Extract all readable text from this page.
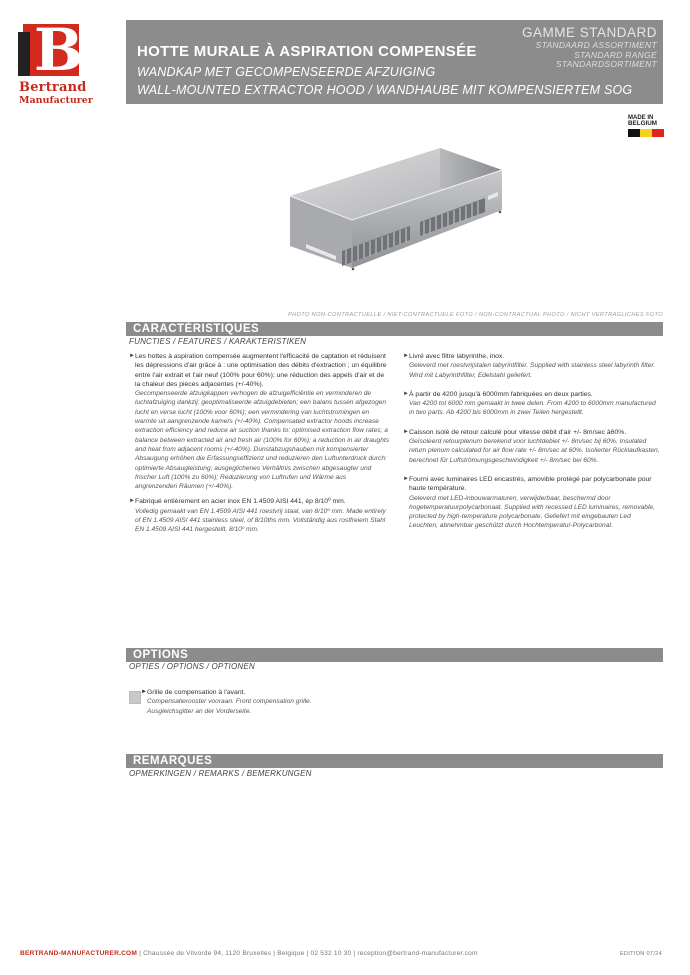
B
Bertrand
Manufacturer
HOTTE MURALE À ASPIRATION COMPENSÉE
WANDKAP MET GECOMPENSEERDE AFZUIGING
WALL-MOUNTED EXTRACTOR HOOD / WANDHAUBE MIT KOMPENSIERTEM SOG
GAMME STANDARD
STANDAARD ASSORTIMENT
STANDARD RANGE
STANDARDSORTIMENT
MADE IN
BELGIUM
PHOTO NON-CONTRACTUELLE / NIET-CONTRACTUELE FOTO / NON-CONTRACTUAL PHOTO / NICHT VERTRAGLICHES FOTO
CARACTÉRISTIQUES
FUNCTIES / FEATURES / KARAKTERISTIKEN
► Les hottes à aspiration compensée augmentent l'efficacité de captation et réduisent les dépressions d'air grâce à : une optimisation des débits d'extraction ; un équilibre entre l'air extrait et l'air neuf (100% pour 60%); une réduction des appels d'air et de la chaleur des pièces adjacentes (+/-40%).
Gecompenseerde afzuigkappen verhogen de afzuigefficiëntie en verminderen de luchtafzuiging dankzij: geoptimaliseerde afzuigdebieten; een balans tussen afgezogen lucht en verse lucht (100% voor 60%); een vermindering van luchtstromingen en warmte uit aangrenzende kamers (+/-40%). Compensated extractor hoods increase extraction efficiency and reduce air suction thanks to: optimised extraction flow rates; a balance between extracted air and fresh air (100% for 60%); a reduction in air draughts and heat from adjacent rooms (+/-40%). Dunstabzugshauben mit kompensierter Absaugung erhöhen die Erfassungseffizienz und reduzieren den Luftunterdruck durch: optimierte Absaugleistung; ausgeglichenes Verhältnis zwischen abgesaugter und frischer Luft (100% zu 60%); Reduzierung von Luftrufen und Wärme aus angrenzenden Räumen (+/-40%).
► Fabriqué entièrement en acier inox EN 1.4509 AISI 441, ép 8/10º mm.
Volledig gemaakt van EN 1.4509 AISI 441 roestvrij staal, van 8/10º mm. Made entirely of EN 1.4509 AISI 441 stainless steel, of 8/10ths mm. Vollständig aus rostfreiem Stahl EN 1.4509 AISI 441 hergestellt, 8/10º mm.
► Livré avec filtre labyrinthe, inox.
Geleverd met roestvrijstalen labyrintfilter. Supplied with stainless steel labyrinth filter. Wird mit Labyrinthfilter, Edelstahl geliefert.
► À partir de 4200 jusqu'à 6000mm fabriquées en deux parties.
Van 4200 tot 6000 mm gemaakt in twee delen. From 4200 to 6000mm manufactured in two parts. Ab 4200 bis 6000mm in zwei Teilen hergestellt.
► Caisson isolé de retour calculé pour vitesse débit d'air +/- 8m/sec à60%.
Geïsoleerd retourplenum berekend voor luchtdebiet +/- 8m/sec bij 60%. Insulated return plenum calculated for air flow rate +/- 8m/sec at 60%. Isolierter Rücklaufkasten, berechnet für Luftströmungsgeschwindigkeit +/- 8m/sec bei 60%.
► Fourni avec luminaires LED encastrés, amovible protégé par polycarbonate pour haute température.
Geleverd met LED-inbouwarmaturen, verwijderbaar, beschermd door hogetemperatuurpolycarbonaat. Supplied with recessed LED luminaires, removable, protected by high-temperature polycarbonate. Geliefert mit eingebauten Led Leuchten, abnehmbar geschützt durch Hochtemperatur-Polycarbonat.
OPTIONS
OPTIES / OPTIONS / OPTIONEN
► Grille de compensation à l'avant.
Compensatierooster vooraan. Front compensation grille. Ausgleichsgitter an der Vorderseite.
REMARQUES
OPMERKINGEN / REMARKS / BEMERKUNGEN
BERTRAND-MANUFACTURER.COM | Chaussée de Vilvorde 94, 1120 Bruxelles | Belgique | 02 532 10 30 | reception@bertrand-manufacturer.com	EDITION 07/24
